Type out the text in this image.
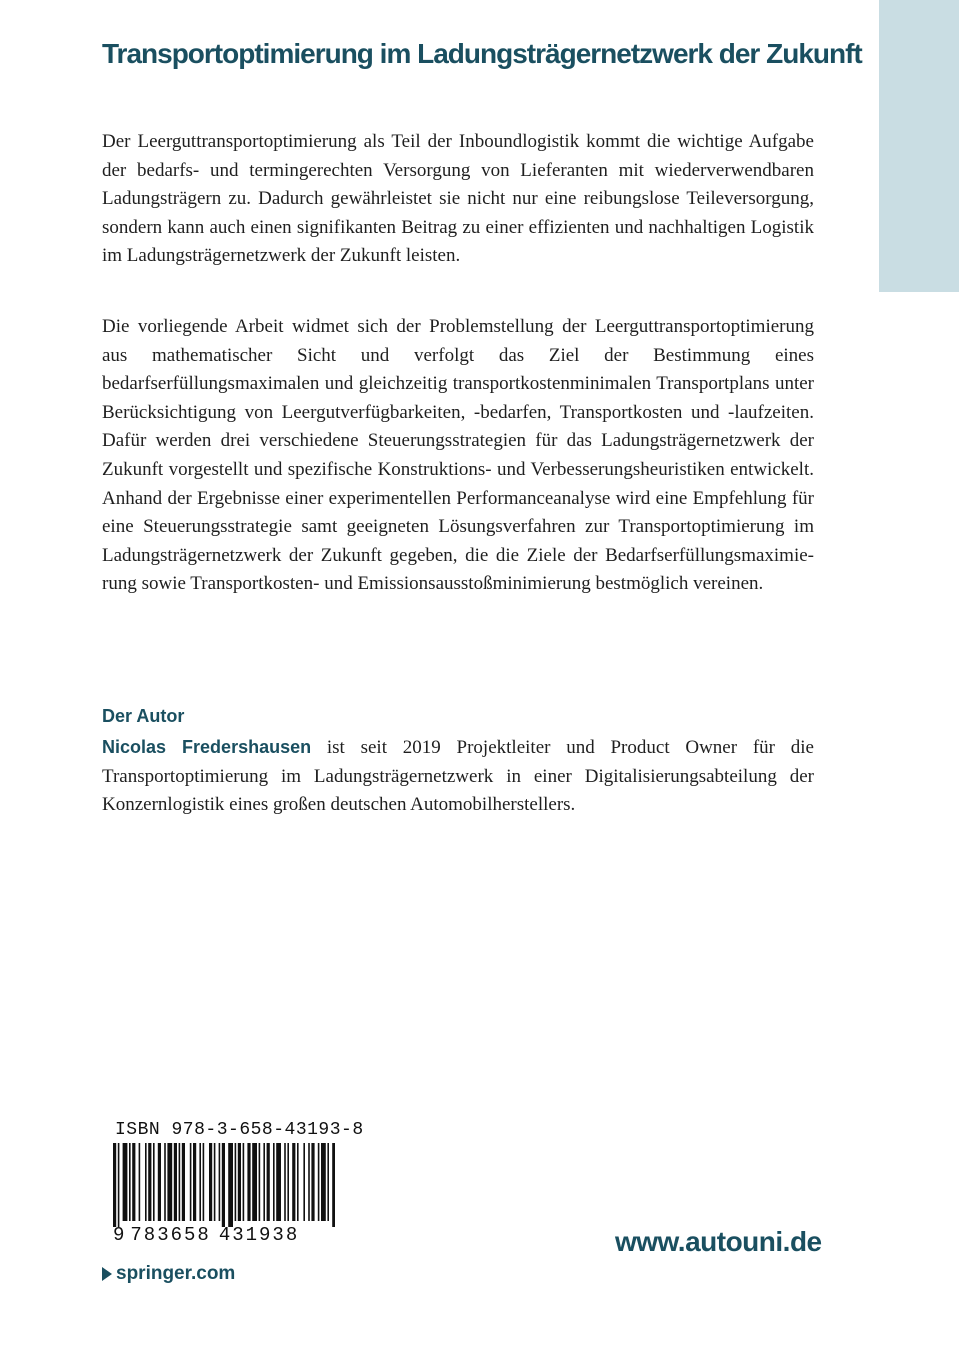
Transportoptimierung im Ladungsträgernetzwerk der Zukunft
Der Leerguttransportoptimierung als Teil der Inboundlogistik kommt die wichtige Aufgabe der bedarfs- und termingerechten Versorgung von Lieferanten mit wiederverwendbaren Ladungsträgern zu. Dadurch gewährleistet sie nicht nur eine reibungslose Teileversorgung, sondern kann auch einen signifikanten Beitrag zu einer effizienten und nachhaltigen Logistik im Ladungsträgernetzwerk der Zukunft leisten.
Die vorliegende Arbeit widmet sich der Problemstellung der Leerguttransportoptimierung aus mathematischer Sicht und verfolgt das Ziel der Bestimmung eines bedarfserfüllungsmaximalen und gleichzeitig transportkostenminimalen Transportplans unter Berücksichtigung von Leergutverfügbarkeiten, -bedarfen, Transportkosten und -laufzeiten. Dafür werden drei verschiedene Steuerungsstrategien für das Ladungsträgernetzwerk der Zukunft vorgestellt und spezifische Konstruktions- und Verbesserungsheuristiken entwickelt. Anhand der Ergebnisse einer experimentellen Performanceanalyse wird eine Empfehlung für eine Steuerungsstrategie samt geeigneten Lösungsverfahren zur Transportoptimierung im Ladungsträgernetzwerk der Zukunft gegeben, die die Ziele der Bedarfserfüllungsmaximierung sowie Transportkosten- und Emissionsausstoßminimierung bestmöglich vereinen.
Der Autor
Nicolas Fredershausen ist seit 2019 Projektleiter und Product Owner für die Transportoptimierung im Ladungsträgernetzwerk in einer Digitalisierungsabteilung der Konzernlogistik eines großen deutschen Automobilherstellers.
ISBN 978-3-658-43193-8
9 783658 431938	www.autouni.de
springer.com
